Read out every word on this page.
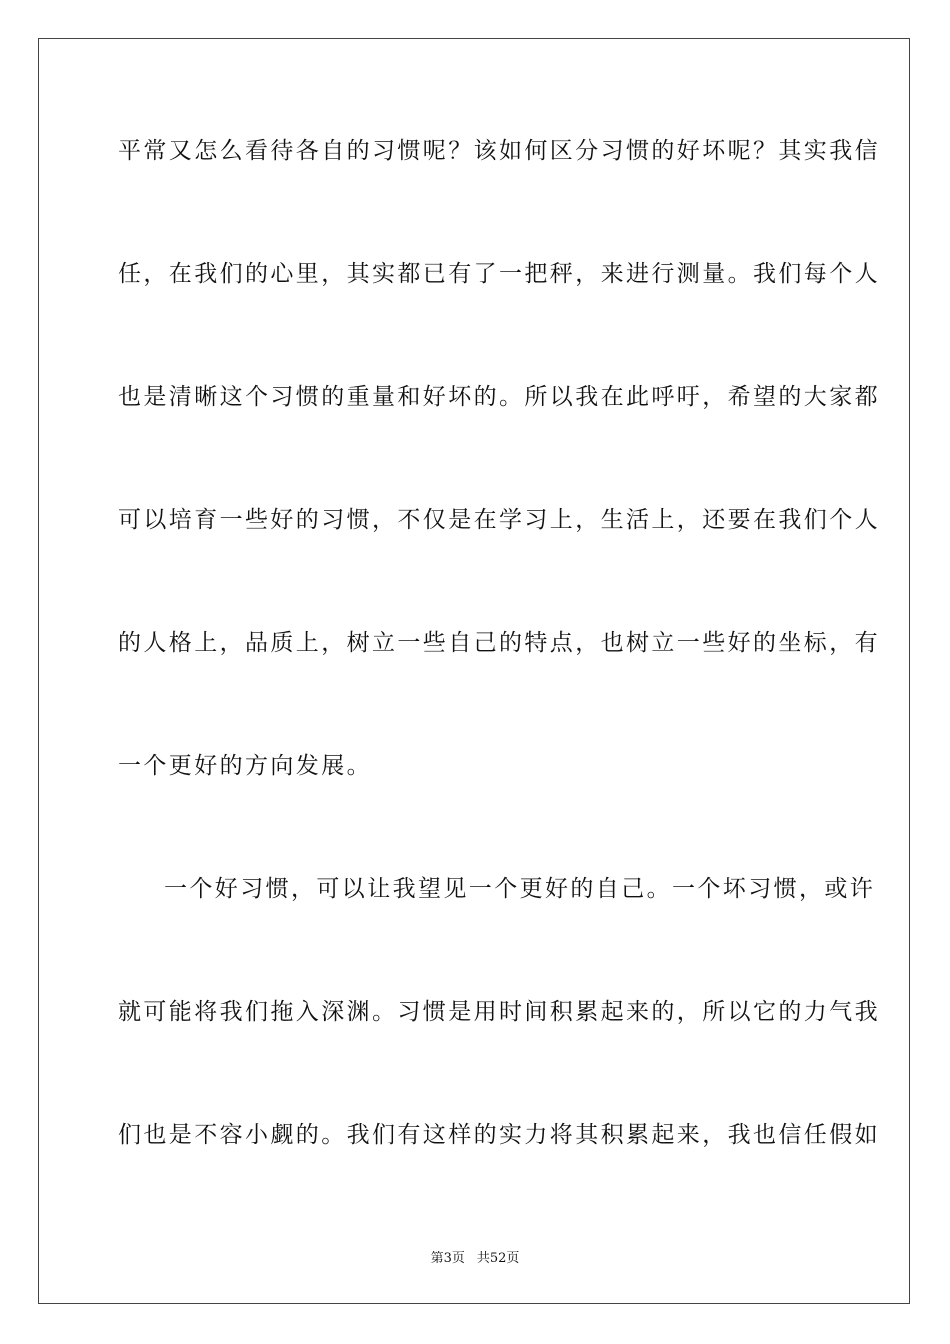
平常又怎么看待各自的习惯呢？该如何区分习惯的好坏呢？其实我信
任，在我们的心里，其实都已有了一把秤，来进行测量。我们每个人
也是清晰这个习惯的重量和好坏的。所以我在此呼吁，希望的大家都
可以培育一些好的习惯，不仅是在学习上，生活上，还要在我们个人
的人格上，品质上，树立一些自己的特点，也树立一些好的坐标，有
一个更好的方向发展。
一个好习惯，可以让我望见一个更好的自己。一个坏习惯，或许
就可能将我们拖入深渊。习惯是用时间积累起来的，所以它的力气我
们也是不容小觑的。我们有这样的实力将其积累起来，我也信任假如
第3页 共52页
